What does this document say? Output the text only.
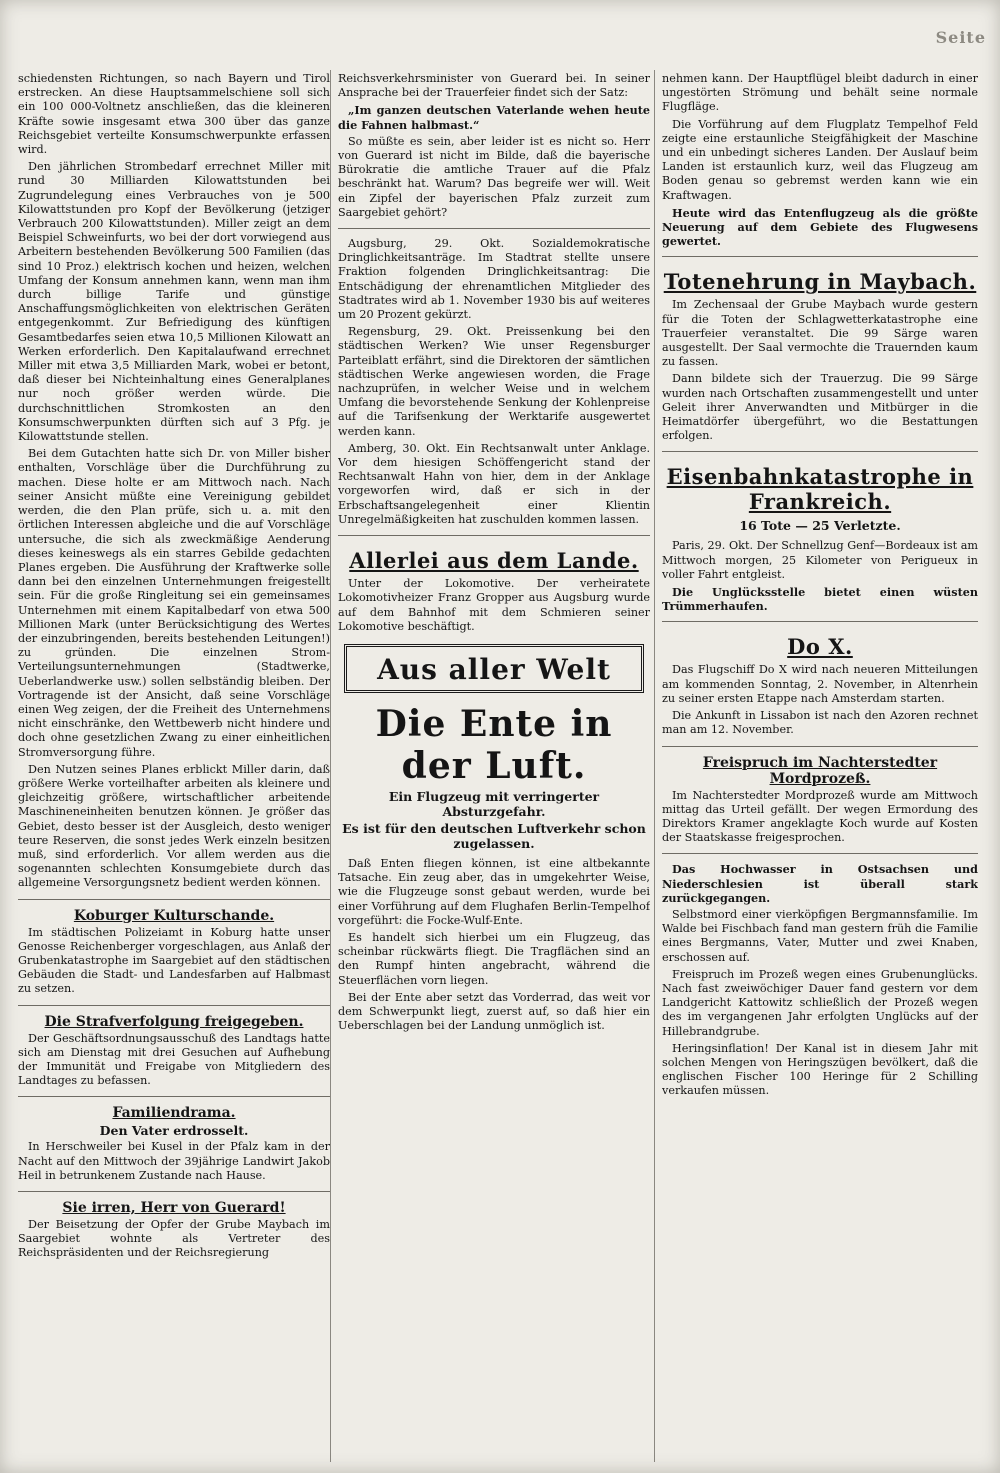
Seite

schiedensten Richtungen, so nach Bayern und Tirol erstrecken. An diese Hauptsammelschiene soll sich ein 100 000-Voltnetz anschließen, das die kleineren Kräfte sowie insgesamt etwa 300 über das ganze Reichsgebiet verteilte Konsumschwerpunkte erfassen wird.

Den jährlichen Strombedarf errechnet Miller mit rund 30 Milliarden Kilowattstunden bei Zugrundelegung eines Verbrauches von je 500 Kilowattstunden pro Kopf der Bevölkerung (jetziger Verbrauch 200 Kilowattstunden). Miller zeigt an dem Beispiel Schweinfurts, wo bei der dort vorwiegend aus Arbeitern bestehenden Bevölkerung 500 Familien (das sind 10 Proz.) elektrisch kochen und heizen, welchen Umfang der Konsum annehmen kann, wenn man ihm durch billige Tarife und günstige Anschaffungsmöglichkeiten von elektrischen Geräten entgegenkommt. Zur Befriedigung des künftigen Gesamtbedarfes seien etwa 10,5 Millionen Kilowatt an Werken erforderlich. Den Kapitalaufwand errechnet Miller mit etwa 3,5 Milliarden Mark, wobei er betont, daß dieser bei Nichteinhaltung eines Generalplanes nur noch größer werden würde. Die durchschnittlichen Stromkosten an den Konsumschwerpunkten dürften sich auf 3 Pfg. je Kilowattstunde stellen.

Bei dem Gutachten hatte sich Dr. von Miller bisher enthalten, Vorschläge über die Durchführung zu machen. Diese holte er am Mittwoch nach. Nach seiner Ansicht müßte eine Vereinigung gebildet werden, die den Plan prüfe, sich u. a. mit den örtlichen Interessen abgleiche und die auf Vorschläge untersuche, die sich als zweckmäßige Aenderung dieses keineswegs als ein starres Gebilde gedachten Planes ergeben. Die Ausführung der Kraftwerke solle dann bei den einzelnen Unternehmungen freigestellt sein. Für die große Ringleitung sei ein gemeinsames Unternehmen mit einem Kapitalbedarf von etwa 500 Millionen Mark (unter Berücksichtigung des Wertes der einzubringenden, bereits bestehenden Leitungen!) zu gründen. Die einzelnen Strom-Verteilungsunternehmungen (Stadtwerke, Ueberlandwerke usw.) sollen selbständig bleiben. Der Vortragende ist der Ansicht, daß seine Vorschläge einen Weg zeigen, der die Freiheit des Unternehmens nicht einschränke, den Wettbewerb nicht hindere und doch ohne gesetzlichen Zwang zu einer einheitlichen Stromversorgung führe.

Den Nutzen seines Planes erblickt Miller darin, daß größere Werke vorteilhafter arbeiten als kleinere und gleichzeitig größere, wirtschaftlicher arbeitende Maschineneinheiten benutzen können. Je größer das Gebiet, desto besser ist der Ausgleich, desto weniger teure Reserven, die sonst jedes Werk einzeln besitzen muß, sind erforderlich. Vor allem werden aus die sogenannten schlechten Konsumgebiete durch das allgemeine Versorgungsnetz bedient werden können.

Koburger Kulturschande.

Im städtischen Polizeiamt in Koburg hatte unser Genosse Reichenberger vorgeschlagen, aus Anlaß der Grubenkatastrophe im Saargebiet auf den städtischen Gebäuden die Stadt- und Landesfarben auf Halbmast zu setzen.

Die Strafverfolgung freigegeben.

Der Geschäftsordnungsausschuß des Landtags hatte sich am Dienstag mit drei Gesuchen auf Aufhebung der Immunität und Freigabe von Mitgliedern des Landtages zu befassen.

Familiendrama.
Den Vater erdrosselt.

In Herschweiler bei Kusel in der Pfalz kam in der Nacht auf den Mittwoch der 39jährige Landwirt Jakob Heil in betrunkenem Zustande nach Hause.

Sie irren, Herr von Guerard!

Der Beisetzung der Opfer der Grube Maybach im Saargebiet wohnte als Vertreter des Reichspräsidenten und der Reichsregierung

Reichsverkehrsminister von Guerard bei. In seiner Ansprache bei der Trauerfeier findet sich der Satz:

„Im ganzen deutschen Vaterlande wehen heute die Fahnen halbmast.“

So müßte es sein, aber leider ist es nicht so. Herr von Guerard ist nicht im Bilde, daß die bayerische Bürokratie die amtliche Trauer auf die Pfalz beschränkt hat. Warum? Das begreife wer will. Weit ein Zipfel der bayerischen Pfalz zurzeit zum Saargebiet gehört?

Augsburg, 29. Okt. Sozialdemokratische Dringlichkeitsanträge. Im Stadtrat stellte unsere Fraktion folgenden Dringlichkeitsantrag: Die Entschädigung der ehrenamtlichen Mitglieder des Stadtrates wird ab 1. November 1930 bis auf weiteres um 20 Prozent gekürzt.

Regensburg, 29. Okt. Preissenkung bei den städtischen Werken? Wie unser Regensburger Parteiblatt erfährt, sind die Direktoren der sämtlichen städtischen Werke angewiesen worden, die Frage nachzuprüfen, in welcher Weise und in welchem Umfang die bevorstehende Senkung der Kohlenpreise auf die Tarifsenkung der Werktarife ausgewertet werden kann.

Amberg, 30. Okt. Ein Rechtsanwalt unter Anklage. Vor dem hiesigen Schöffengericht stand der Rechtsanwalt Hahn von hier, dem in der Anklage vorgeworfen wird, daß er sich in der Erbschaftsangelegenheit einer Klientin Unregelmäßigkeiten hat zuschulden kommen lassen.

Allerlei aus dem Lande.

Unter der Lokomotive. Der verheiratete Lokomotivheizer Franz Gropper aus Augsburg wurde auf dem Bahnhof mit dem Schmieren seiner Lokomotive beschäftigt.

Aus aller Welt
Die Ente in der Luft.
Ein Flugzeug mit verringerter Absturzgefahr.
Es ist für den deutschen Luftverkehr schon zugelassen.

Daß Enten fliegen können, ist eine altbekannte Tatsache. Ein zeug aber, das in umgekehrter Weise, wie die Flugzeuge sonst gebaut werden, wurde bei einer Vorführung auf dem Flughafen Berlin-Tempelhof vorgeführt: die Focke-Wulf-Ente.

Es handelt sich hierbei um ein Flugzeug, das scheinbar rückwärts fliegt. Die Tragflächen sind an den Rumpf hinten angebracht, während die Steuerflächen vorn liegen.

Bei der Ente aber setzt das Vorderrad, das weit vor dem Schwerpunkt liegt, zuerst auf, so daß hier ein Ueberschlagen bei der Landung unmöglich ist.

nehmen kann. Der Hauptflügel bleibt dadurch in einer ungestörten Strömung und behält seine normale Flugfläge.

Die Vorführung auf dem Flugplatz Tempelhof Feld zeigte eine erstaunliche Steigfähigkeit der Maschine und ein unbedingt sicheres Landen. Der Auslauf beim Landen ist erstaunlich kurz, weil das Flugzeug am Boden genau so gebremst werden kann wie ein Kraftwagen.

Heute wird das Entenflugzeug als die größte Neuerung auf dem Gebiete des Flugwesens gewertet.

Totenehrung in Maybach.

Im Zechensaal der Grube Maybach wurde gestern für die Toten der Schlagwetterkatastrophe eine Trauerfeier veranstaltet. Die 99 Särge waren ausgestellt. Der Saal vermochte die Trauernden kaum zu fassen.

Dann bildete sich der Trauerzug. Die 99 Särge wurden nach Ortschaften zusammengestellt und unter Geleit ihrer Anverwandten und Mitbürger in die Heimatdörfer übergeführt, wo die Bestattungen erfolgen.

Eisenbahnkatastrophe in Frankreich.
16 Tote — 25 Verletzte.

Paris, 29. Okt. Der Schnellzug Genf—Bordeaux ist am Mittwoch morgen, 25 Kilometer von Perigueux in voller Fahrt entgleist.

Die Unglücksstelle bietet einen wüsten Trümmerhaufen.

Do X.

Das Flugschiff Do X wird nach neueren Mitteilungen am kommenden Sonntag, 2. November, in Altenrhein zu seiner ersten Etappe nach Amsterdam starten.

Die Ankunft in Lissabon ist nach den Azoren rechnet man am 12. November.

Freispruch im Nachterstedter Mordprozeß.

Im Nachterstedter Mordprozeß wurde am Mittwoch mittag das Urteil gefällt. Der wegen Ermordung des Direktors Kramer angeklagte Koch wurde auf Kosten der Staatskasse freigesprochen.

Das Hochwasser in Ostsachsen und Niederschlesien ist überall stark zurückgegangen.

Selbstmord einer vierköpfigen Bergmannsfamilie. Im Walde bei Fischbach fand man gestern früh die Familie eines Bergmanns, Vater, Mutter und zwei Knaben, erschossen auf.

Freispruch im Prozeß wegen eines Grubenunglücks. Nach fast zweiwöchiger Dauer fand gestern vor dem Landgericht Kattowitz schließlich der Prozeß wegen des im vergangenen Jahr erfolgten Unglücks auf der Hillebrandgrube.

Heringsinflation! Der Kanal ist in diesem Jahr mit solchen Mengen von Heringszügen bevölkert, daß die englischen Fischer 100 Heringe für 2 Schilling verkaufen müssen.
